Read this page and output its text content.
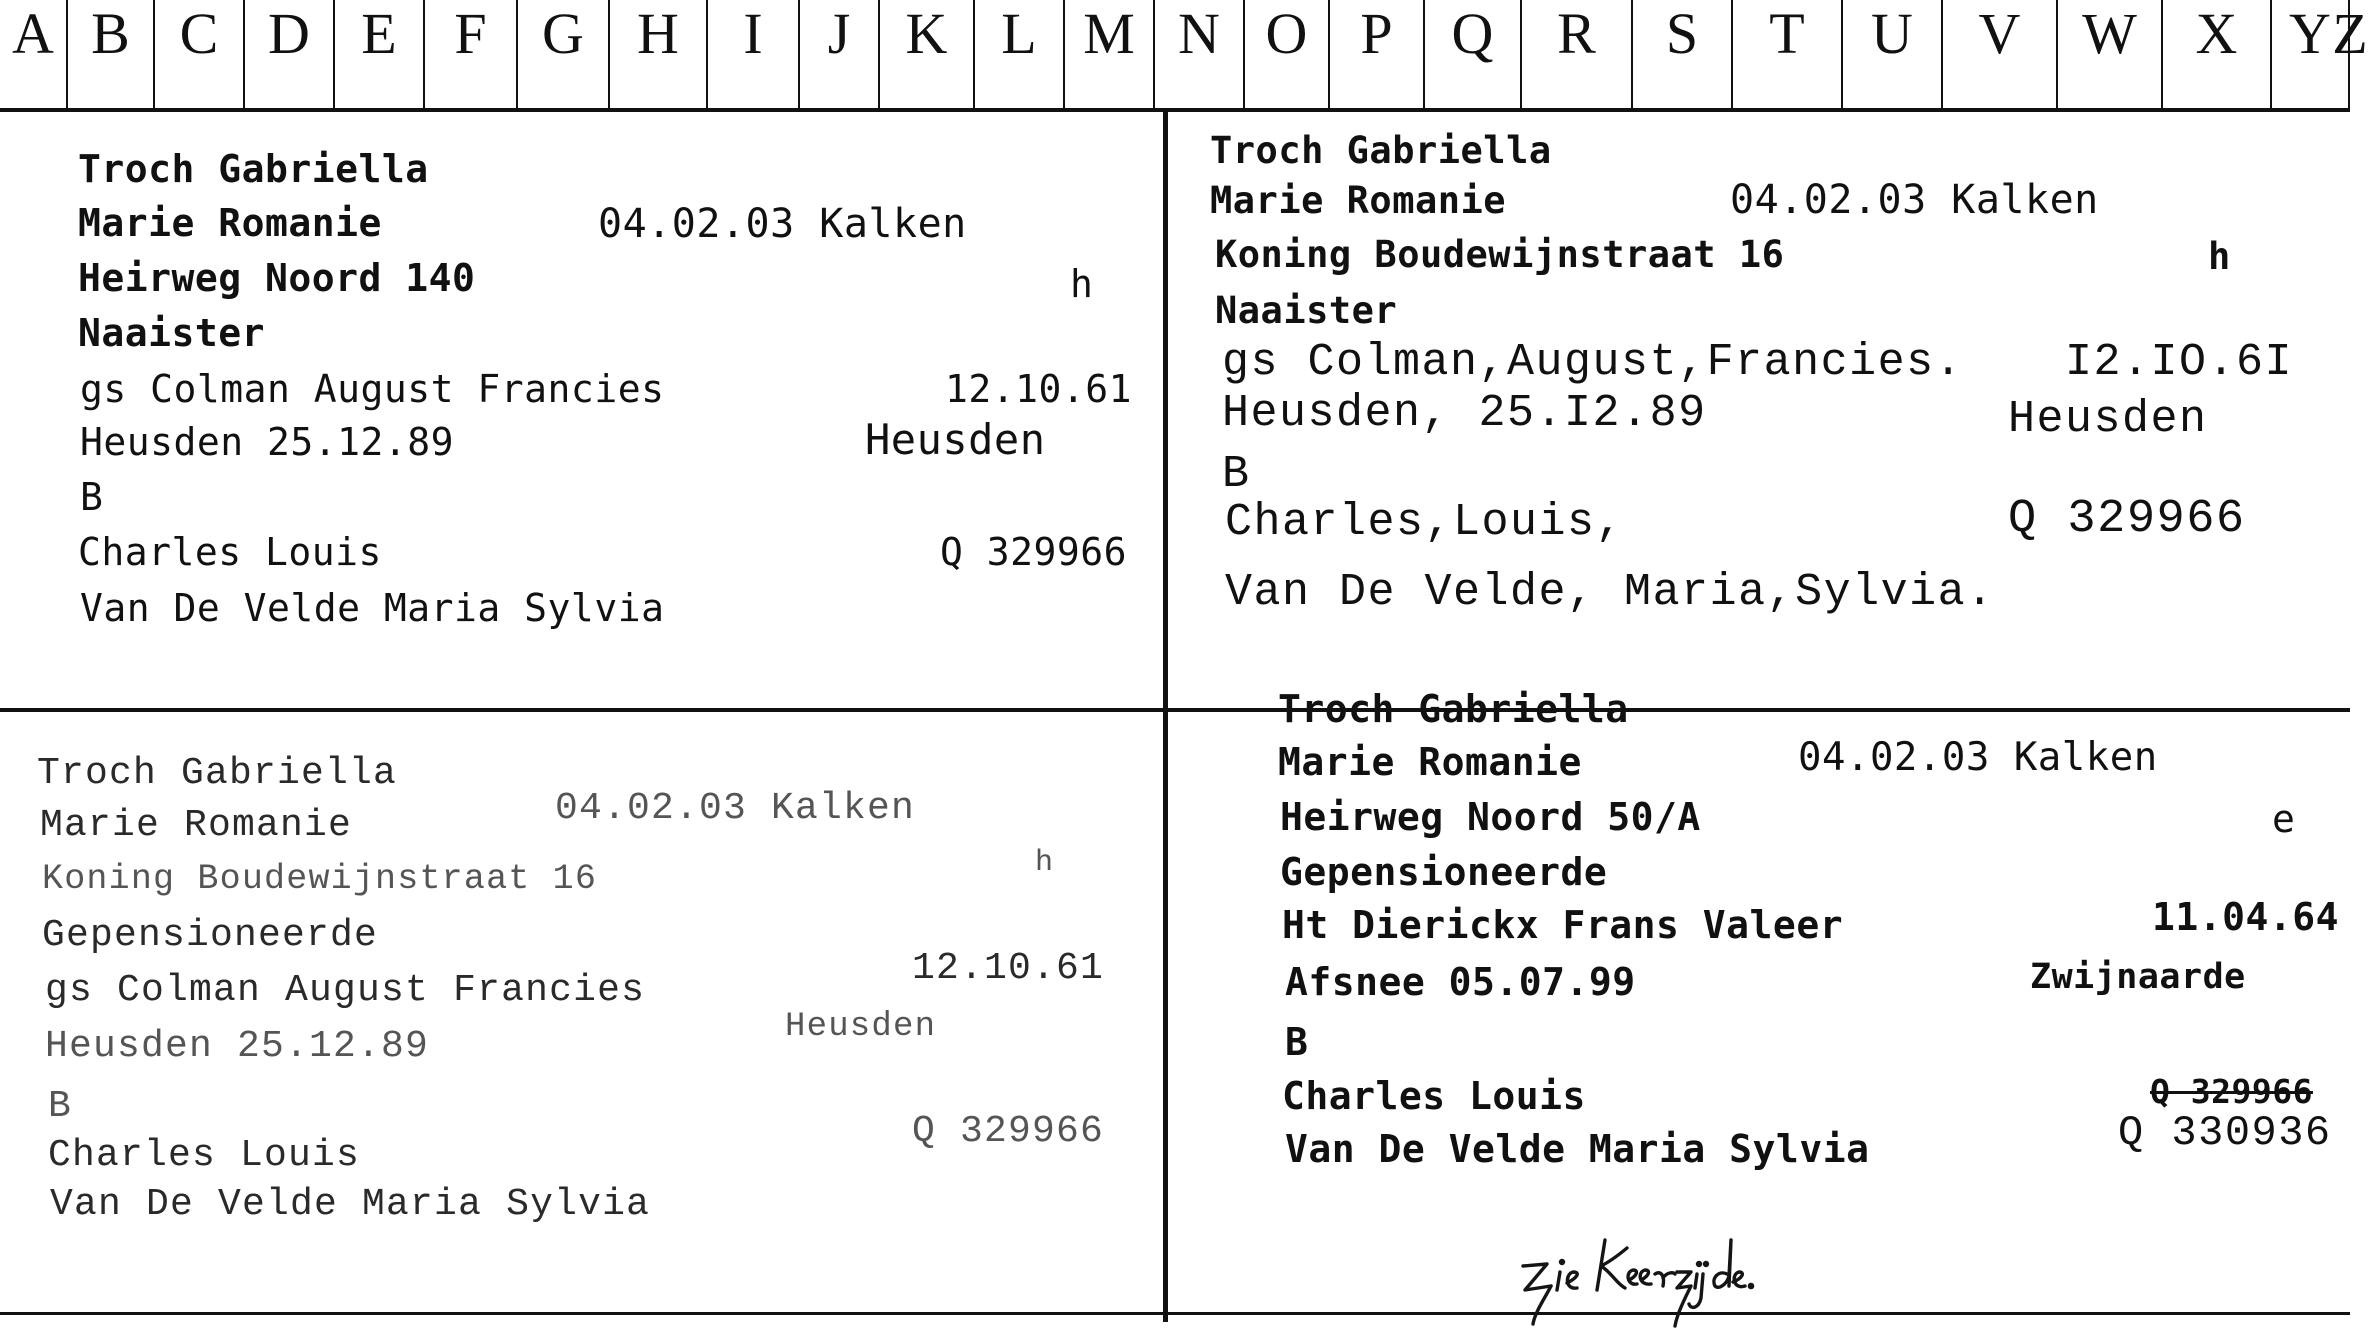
A B C D E F G H	I	J K L M N O P	Q	R	S	T	U	V	W	X Y Z
Troch Gabriella
Marie Romanie	04.02.03 Kalken
Heirweg Noord 140	h
Naaister
gs Colman August Francies	12.10.61
Heusden 25.12.89	Heusden
B
Charles Louis	Q 329966
Van De Velde Maria Sylvia
Troch Gabriella
Marie Romanie	04.02.03 Kalken
Koning Boudewijnstraat 16	h
Naaister
gs Colman,August,Francies. I2.IO.6I
Heusden, 25.I2.89	Heusden
B
Charles,Louis,	Q 329966
Van De Velde, Maria,Sylvia.
Troch Gabriella
Marie Romanie	04.02.03 Kalken
Koning Boudewijnstraat 16	h
Gepensioneerde
gs Colman August Francies
12.10.61
Heusden 25.12.89	Heusden
B
Charles Louis
Q 329966
Van De Velde Maria Sylvia
Troch Gabriella
Marie Romanie	04.02.03 Kalken
Heirweg Noord 50/A	e
Gepensioneerde
Ht Dierickx Frans Valeer	11.04.64
Afsnee 05.07.99	Zwijnaarde
B
Charles Louis	Q 329966
Q 330936
Van De Velde Maria Sylvia
